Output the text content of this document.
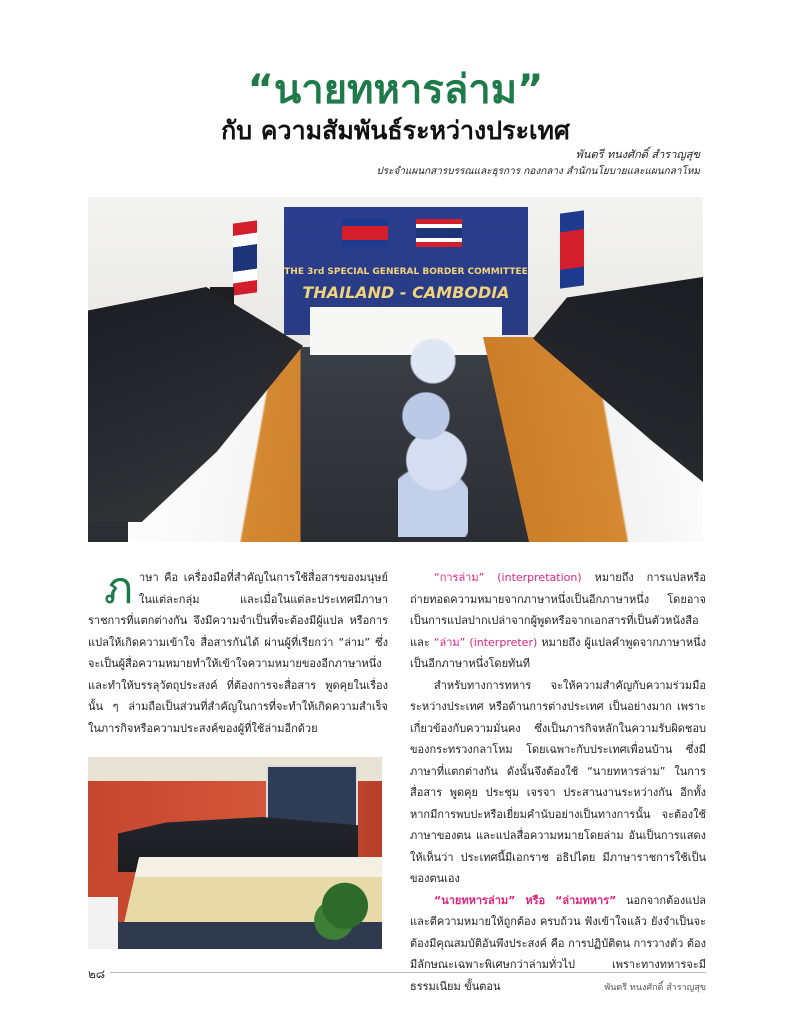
“นายทหารล่าม”
กับ ความสัมพันธ์ระหว่างประเทศ
พันตรี ทนงศักดิ์ สำราญสุข
ประจำแผนกสารบรรณและธุรการ กองกลาง สำนักนโยบายและแผนกลาโหม
THE 3rd SPECIAL GENERAL BORDER COMMITTEE
THAILAND - CAMBODIA

ภาษา คือ เครื่องมือที่สำคัญในการใช้สื่อสารของมนุษย์ในแต่ละกลุ่ม และเมื่อในแต่ละประเทศมีภาษาราชการที่แตกต่างกัน จึงมีความจำเป็นที่จะต้องมีผู้แปล หรือการแปลให้เกิดความเข้าใจ สื่อสารกันได้ ผ่านผู้ที่เรียกว่า “ล่าม” ซึ่งจะเป็นผู้สื่อความหมายทำให้เข้าใจความหมายของอีกภาษาหนึ่ง และทำให้บรรลุวัตถุประสงค์ ที่ต้องการจะสื่อสาร พูดคุยในเรื่องนั้น ๆ ล่ามถือเป็นส่วนที่สำคัญในการที่จะทำให้เกิดความสำเร็จในภารกิจหรือความประสงค์ของผู้ที่ใช้ล่ามอีกด้วย

“การล่าม” (interpretation) หมายถึง การแปลหรือถ่ายทอดความหมายจากภาษาหนึ่งเป็นอีกภาษาหนึ่ง โดยอาจเป็นการแปลปากเปล่าจากผู้พูดหรือจากเอกสารที่เป็นตัวหนังสือ และ “ล่าม” (interpreter) หมายถึง ผู้แปลคำพูดจากภาษาหนึ่งเป็นอีกภาษาหนึ่งโดยทันที

สำหรับทางการทหาร จะให้ความสำคัญกับความร่วมมือระหว่างประเทศ หรือด้านการต่างประเทศ เป็นอย่างมาก เพราะเกี่ยวข้องกับความมั่นคง ซึ่งเป็นภารกิจหลักในความรับผิดชอบของกระทรวงกลาโหม โดยเฉพาะกับประเทศเพื่อนบ้าน ซึ่งมีภาษาที่แตกต่างกัน ดังนั้นจึงต้องใช้ “นายทหารล่าม” ในการสื่อสาร พูดคุย ประชุม เจรจา ประสานงานระหว่างกัน อีกทั้ง หากมีการพบปะหรือเยี่ยมคำนับอย่างเป็นทางการนั้น จะต้องใช้ภาษาของตน และแปลสื่อความหมายโดยล่าม อันเป็นการแสดงให้เห็นว่า ประเทศนี้มีเอกราช อธิปไตย มีภาษาราชการใช้เป็นของตนเอง

“นายทหารล่าม” หรือ “ล่ามทหาร” นอกจากต้องแปลและตีความหมายให้ถูกต้อง ครบถ้วน ฟังเข้าใจแล้ว ยังจำเป็นจะต้องมีคุณสมบัติอันพึงประสงค์ คือ การปฏิบัติตน การวางตัว ต้องมีลักษณะเฉพาะพิเศษกว่าล่ามทั่วไป เพราะทางทหารจะมีธรรมเนียม ขั้นตอน

๒๘
พันตรี ทนงศักดิ์ สำราญสุข
